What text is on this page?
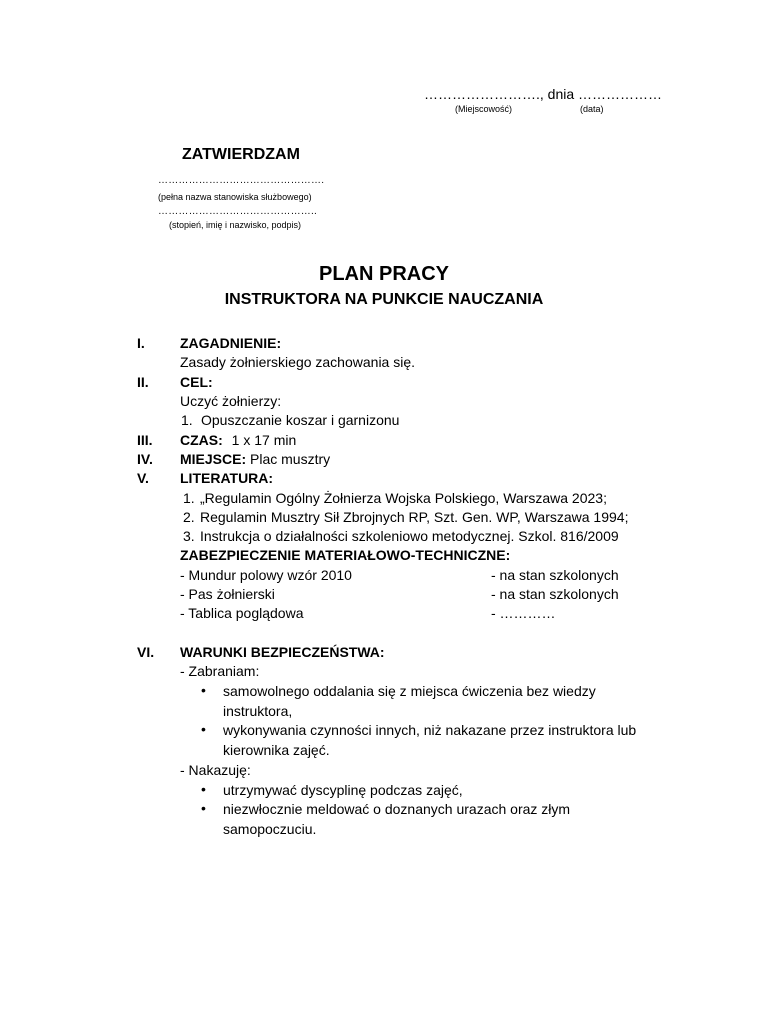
……………………., dnia ………………
(Miejscowość)	(data)
ZATWIERDZAM
………………………………………….
(pełna nazwa stanowiska służbowego)
………………………………………..
(stopień, imię i nazwisko, podpis)
PLAN PRACY
INSTRUKTORA NA PUNKCIE NAUCZANIA
I.	ZAGADNIENIE:
Zasady żołnierskiego zachowania się.
II. CEL:
Uczyć żołnierzy:
1. Opuszczanie koszar i garnizonu
III. CZAS: 1 x 17 min
IV. MIEJSCE: Plac musztry
V. LITERATURA:
1. „Regulamin Ogólny Żołnierza Wojska Polskiego, Warszawa 2023;
2. Regulamin Musztry Sił Zbrojnych RP, Szt. Gen. WP, Warszawa 1994;
3. Instrukcja o działalności szkoleniowo metodycznej. Szkol. 816/2009
ZABEZPIECZENIE MATERIAŁOWO-TECHNICZNE:
- Mundur polowy wzór 2010	- na stan szkolonych
- Pas żołnierski	- na stan szkolonych
- Tablica poglądowa	- …………
VI. WARUNKI BEZPIECZEŃSTWA:
- Zabraniam:
• samowolnego oddalania się z miejsca ćwiczenia bez wiedzy
instruktora,
• wykonywania czynności innych, niż nakazane przez instruktora lub
kierownika zajęć.
- Nakazuję:
• utrzymywać dyscyplinę podczas zajęć,
• niezwłocznie meldować o doznanych urazach oraz złym
samopoczuciu.
